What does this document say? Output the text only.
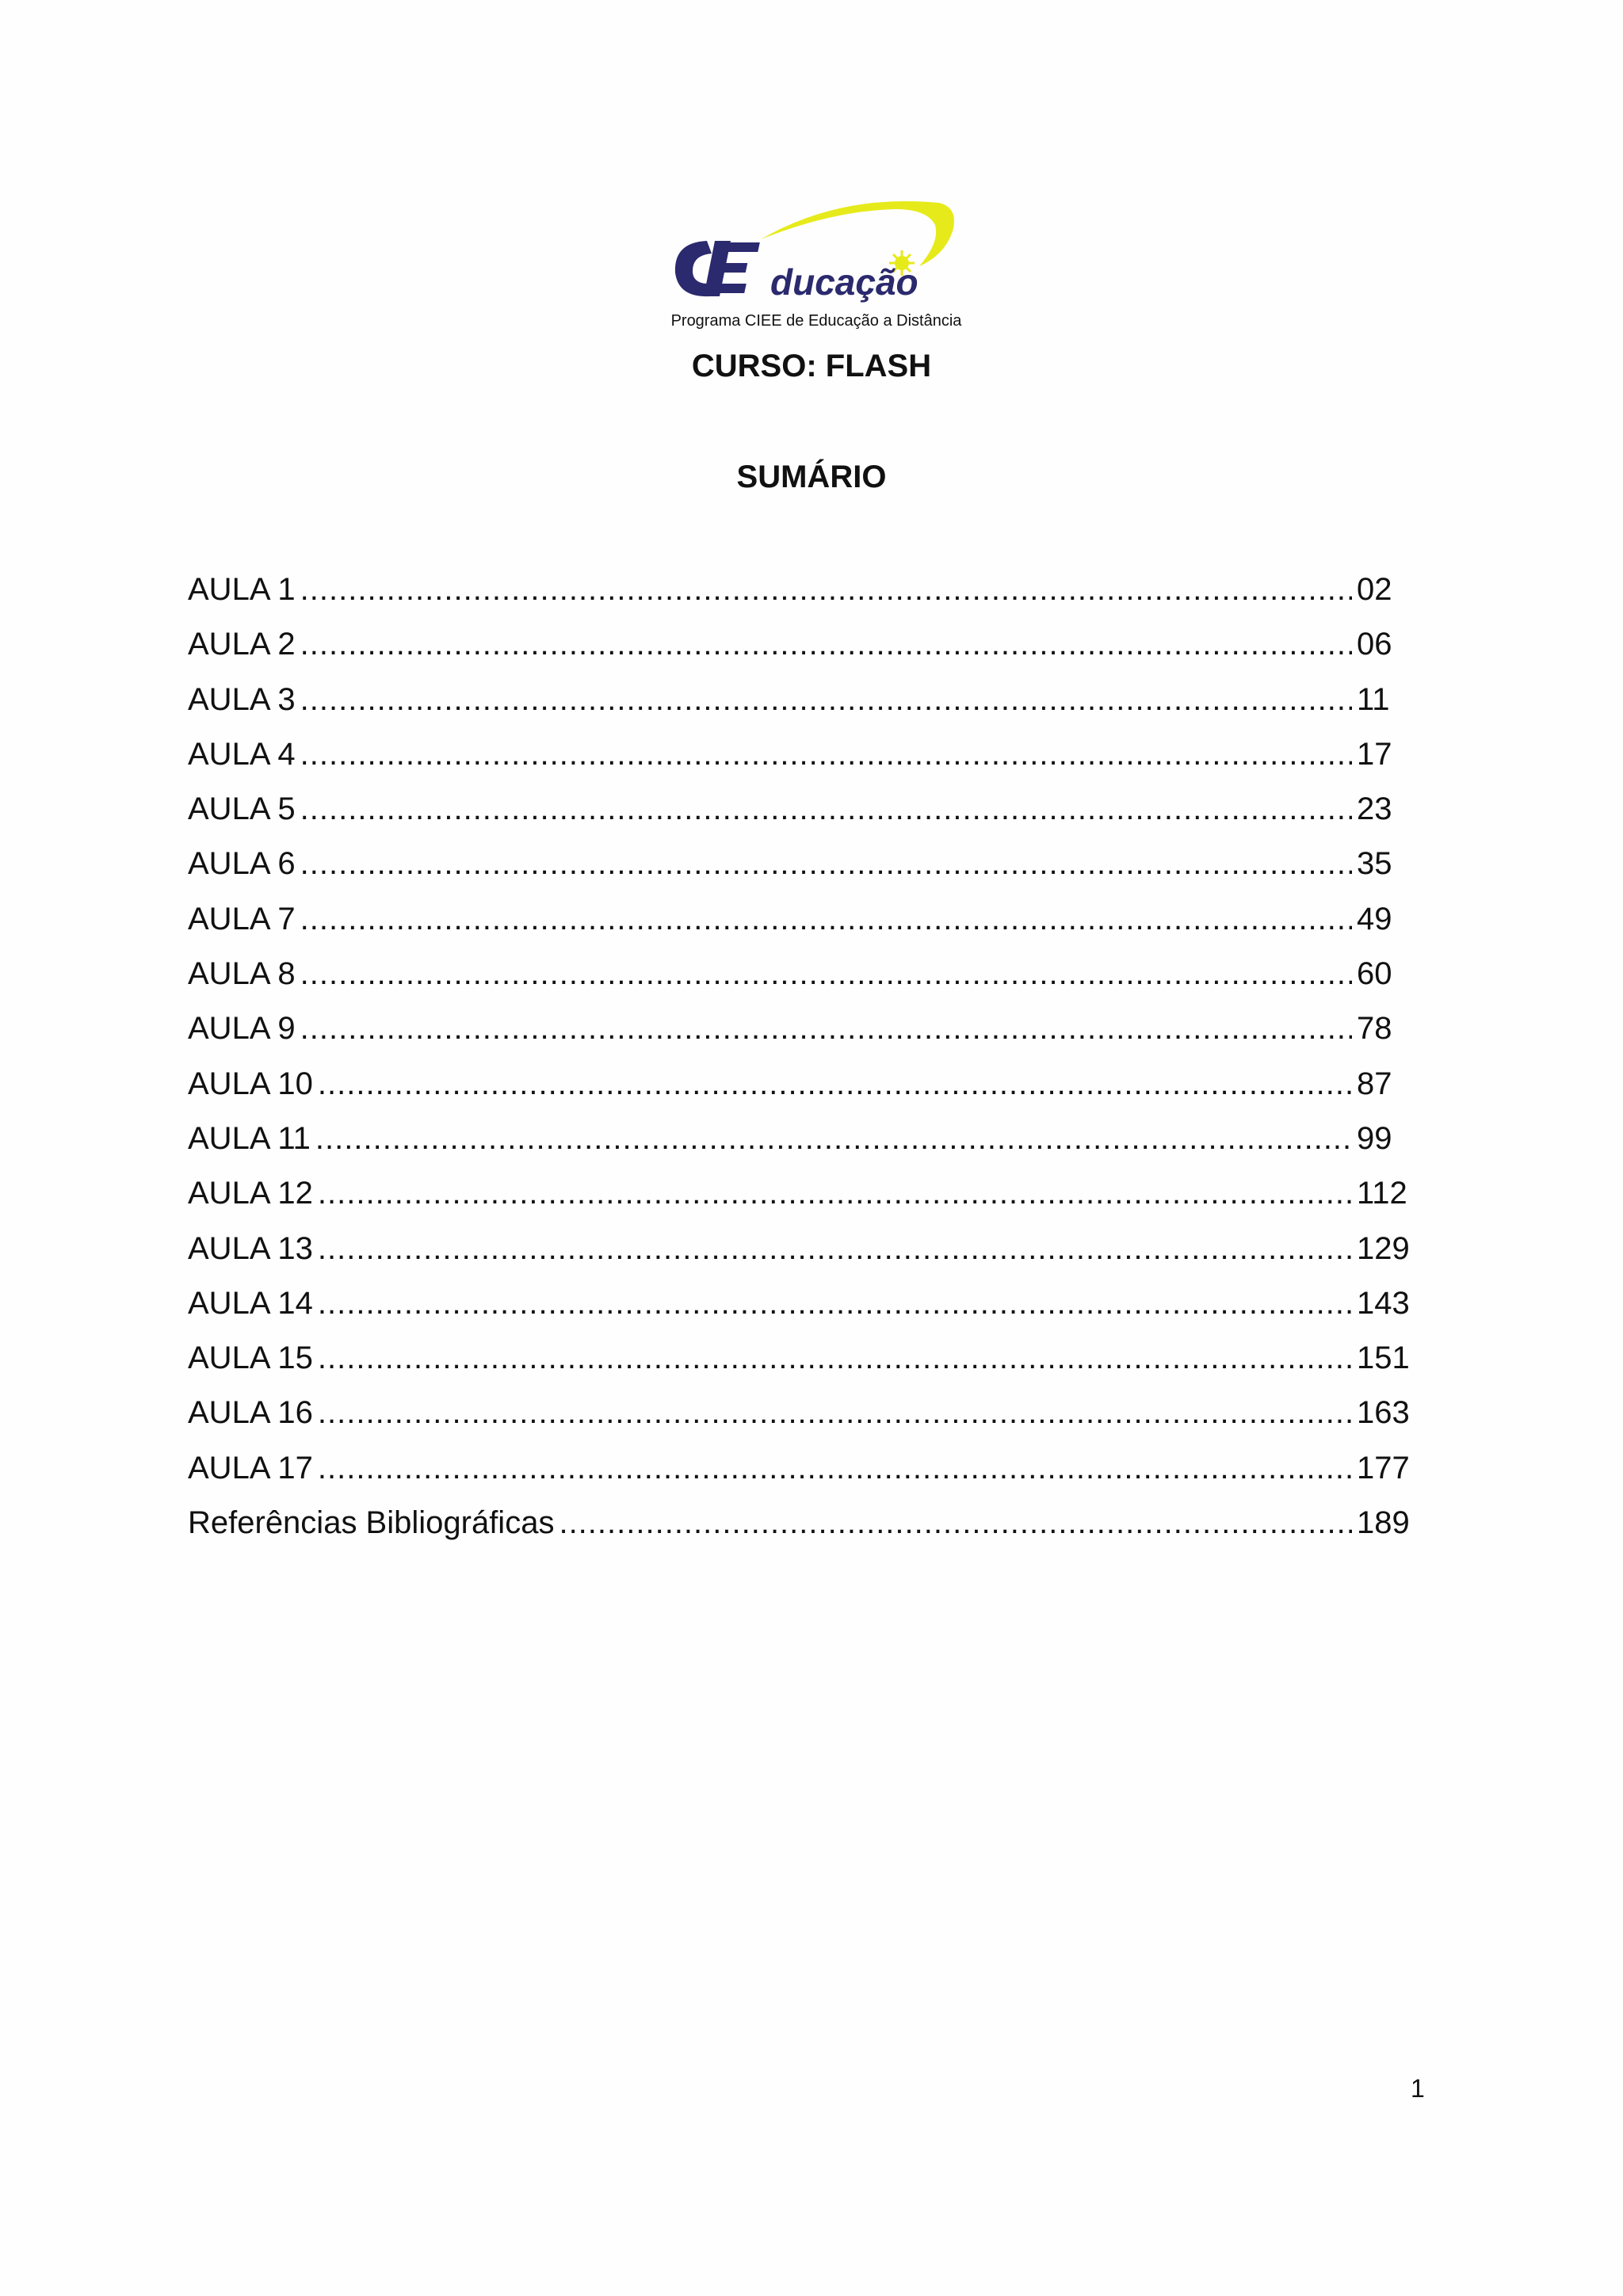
ducação
Programa CIEE de Educação a Distância
CURSO: FLASH
SUMÁRIO
AULA 1 .....	02
AULA 2 .....	06
AULA 3 .....	11
AULA 4 .....	17
AULA 5 .....	23
AULA 6 .....	35
AULA 7 .....	49
AULA 8 .....	60
AULA 9 .....	78
AULA 10 .....	87
AULA 11 .....	99
AULA 12 .....	112
AULA 13 .....	129
AULA 14 .....	143
AULA 15 .....	151
AULA 16 .....	163
AULA 17 .....	177
Referências Bibliográficas .....	189
1
